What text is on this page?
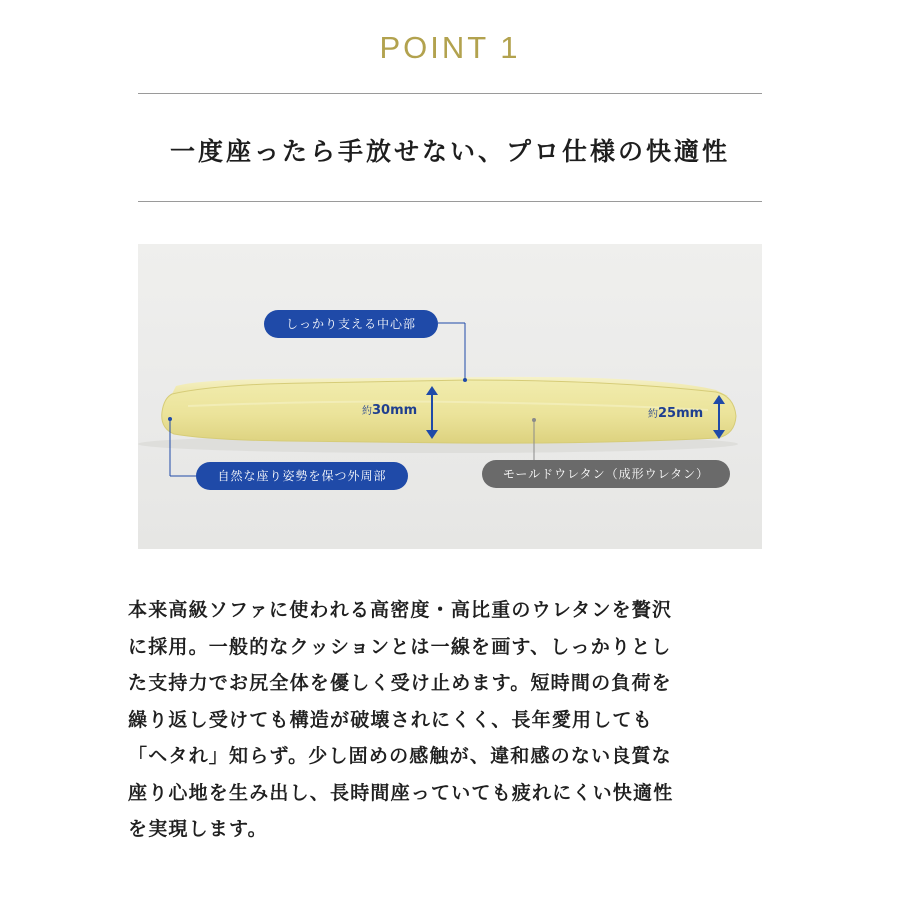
POINT 1
一度座ったら手放せない、プロ仕様の快適性
しっかり支える中心部
自然な座り姿勢を保つ外周部	モールドウレタン（成形ウレタン）
約30mm	約25mm
本来高級ソファに使われる高密度・高比重のウレタンを贅沢
に採用。一般的なクッションとは一線を画す、しっかりとし
た支持力でお尻全体を優しく受け止めます。短時間の負荷を
繰り返し受けても構造が破壊されにくく、長年愛用しても
「ヘタれ」知らず。少し固めの感触が、違和感のない良質な
座り心地を生み出し、長時間座っていても疲れにくい快適性
を実現します。
